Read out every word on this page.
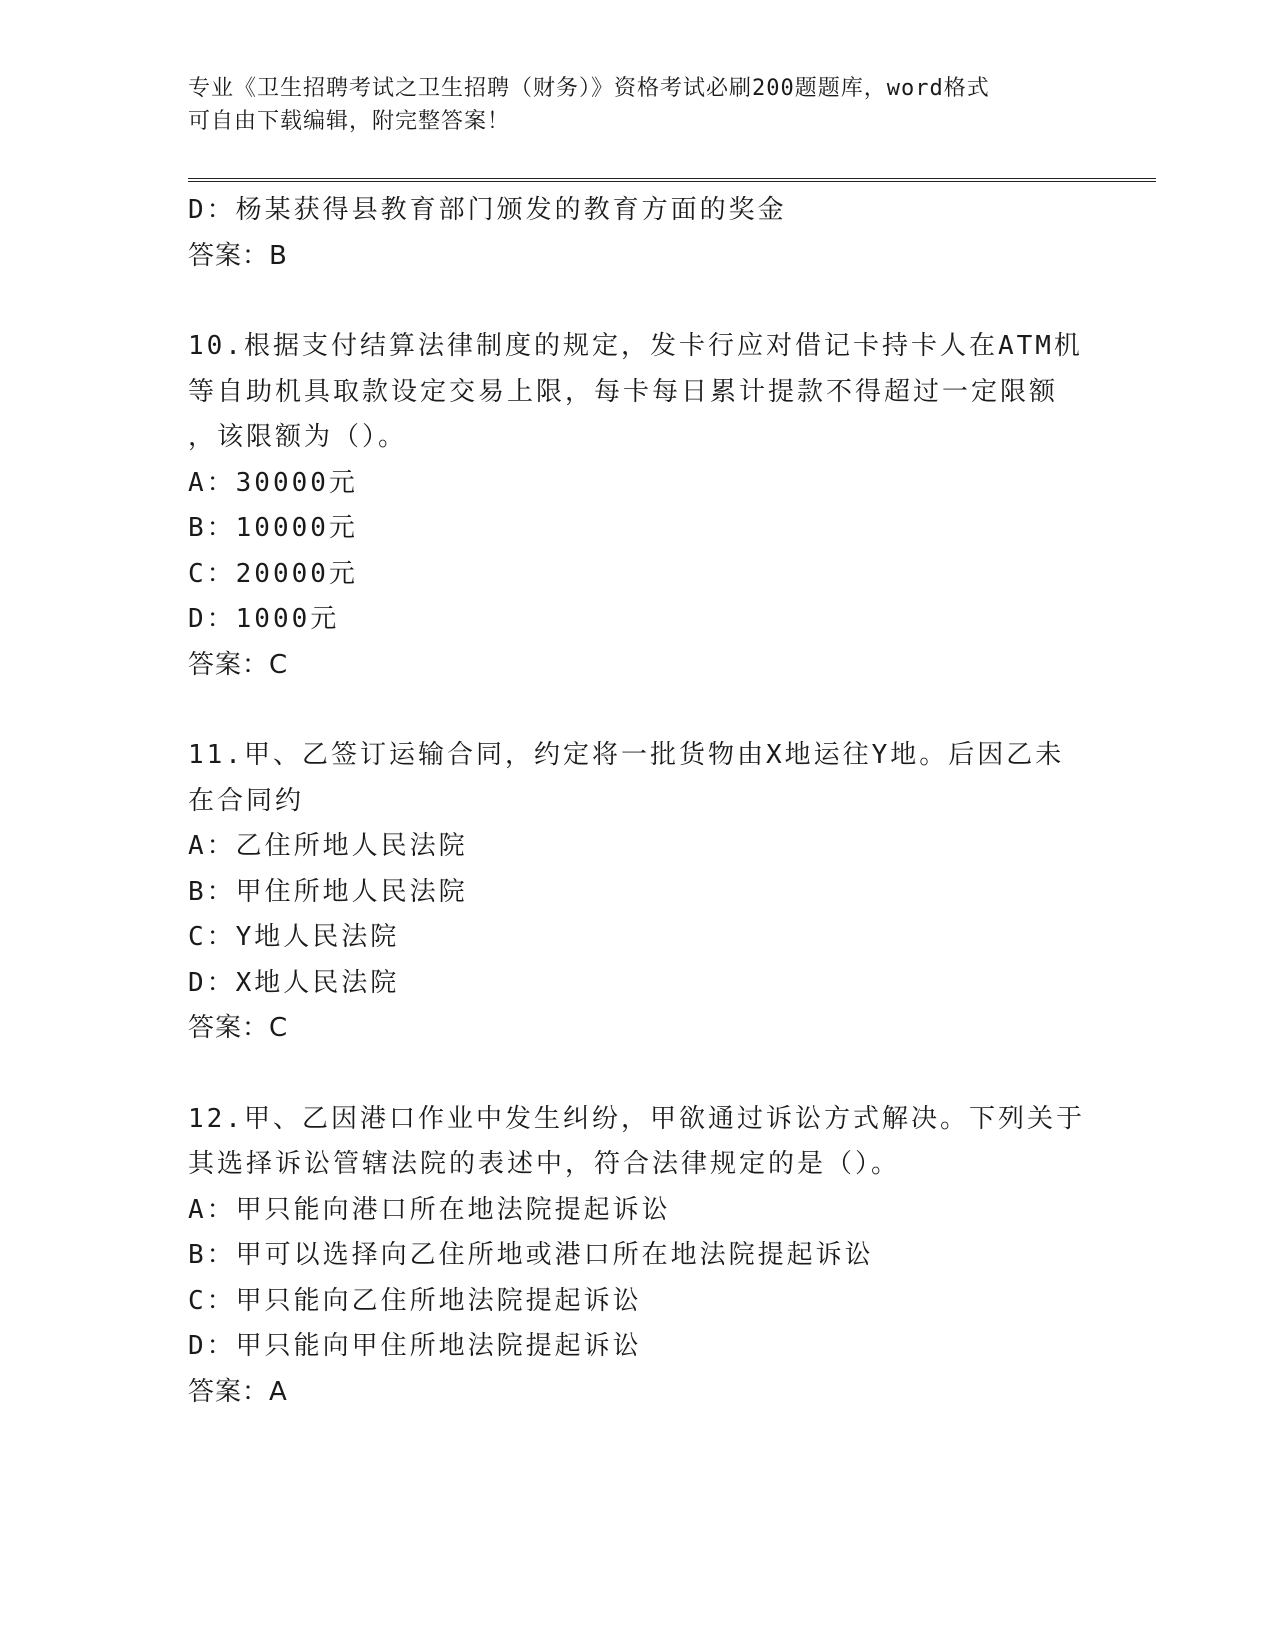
专业《卫生招聘考试之卫生招聘（财务）》资格考试必刷200题题库，word格式
可自由下载编辑，附完整答案！
D：杨某获得县教育部门颁发的教育方面的奖金
答案：B
10.根据支付结算法律制度的规定，发卡行应对借记卡持卡人在ATM机
等自助机具取款设定交易上限，每卡每日累计提款不得超过一定限额
，该限额为（）。
A：30000元
B：10000元
C：20000元
D：1000元
答案：C
11.甲、乙签订运输合同，约定将一批货物由X地运往Y地。后因乙未
在合同约
A：乙住所地人民法院
B：甲住所地人民法院
C：Y地人民法院
D：X地人民法院
答案：C
12.甲、乙因港口作业中发生纠纷，甲欲通过诉讼方式解决。下列关于
其选择诉讼管辖法院的表述中，符合法律规定的是（）。
A：甲只能向港口所在地法院提起诉讼
B：甲可以选择向乙住所地或港口所在地法院提起诉讼
C：甲只能向乙住所地法院提起诉讼
D：甲只能向甲住所地法院提起诉讼
答案：A
